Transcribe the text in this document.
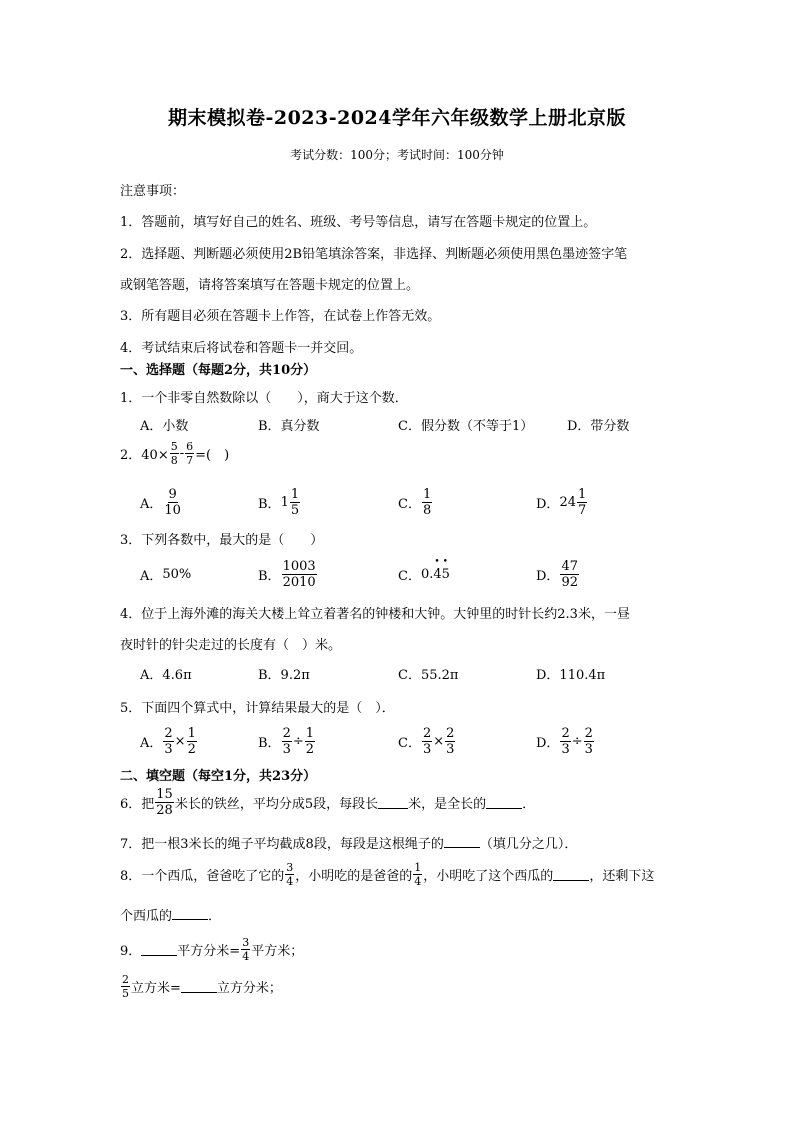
期末模拟卷-2023-2024学年六年级数学上册北京版
考试分数：100分；考试时间：100分钟
注意事项：
1．答题前，填写好自己的姓名、班级、考号等信息，请写在答题卡规定的位置上。
2．选择题、判断题必须使用2B铅笔填涂答案，非选择、判断题必须使用黑色墨迹签字笔
或钢笔答题，请将答案填写在答题卡规定的位置上。
3．所有题目必须在答题卡上作答，在试卷上作答无效。
4．考试结束后将试卷和答题卡一并交回。
一、选择题（每题2分，共10分）
1．一个非零自然数除以（　　），商大于这个数．
A．小数	B．真分数	C．假分数（不等于1）	D．带分数
2．$40\times \frac{5}{8} - \frac{6}{7}$ =(　)
A． $\frac{9}{10}$	B． $1 \frac{1}{5}$	C． $\frac{1}{8}$	D． $24 \frac{1}{7}$
3．下列各数中，最大的是（　　）
A． 50%	B． $\frac{1003}{2010}$	C． 0. • 4 • 5	D． $\frac{47}{92}$
4．位于上海外滩的海关大楼上耸立着著名的钟楼和大钟。大钟里的时针长约2.3米，一昼
夜时针的针尖走过的长度有（　）米。
A．4.6π	B．9.2π	C．55.2π	D．110.4π
5．下面四个算式中，计算结果最大的是（　）．
A． $\frac{2}{3} \times \frac{1}{2}$	B． $\frac{2}{3} \div \frac{1}{2}$	C． $\frac{2}{3} \times \frac{2}{3}$	D． $\frac{2}{3} \div \frac{2}{3}$
二、填空题（每空1分，共23分）
6．把 $\frac{15}{28}$ 米长的铁丝，平均分成5段，每段长 米，是全长的	．
7．把一根3米长的绳子平均截成8段，每段是这根绳子的	（填几分之几）．
8．一个西瓜，爸爸吃了它的 $\frac{3}{4}$ ，小明吃的是爸爸的 $\frac{1}{4}$ ，小明吃了这个西瓜的	，还剩下这
个西瓜的	．
9．	平方分米= $\frac{3}{4}$ 平方米；
$\frac{2}{5}$ 立方米=	立方分米；
